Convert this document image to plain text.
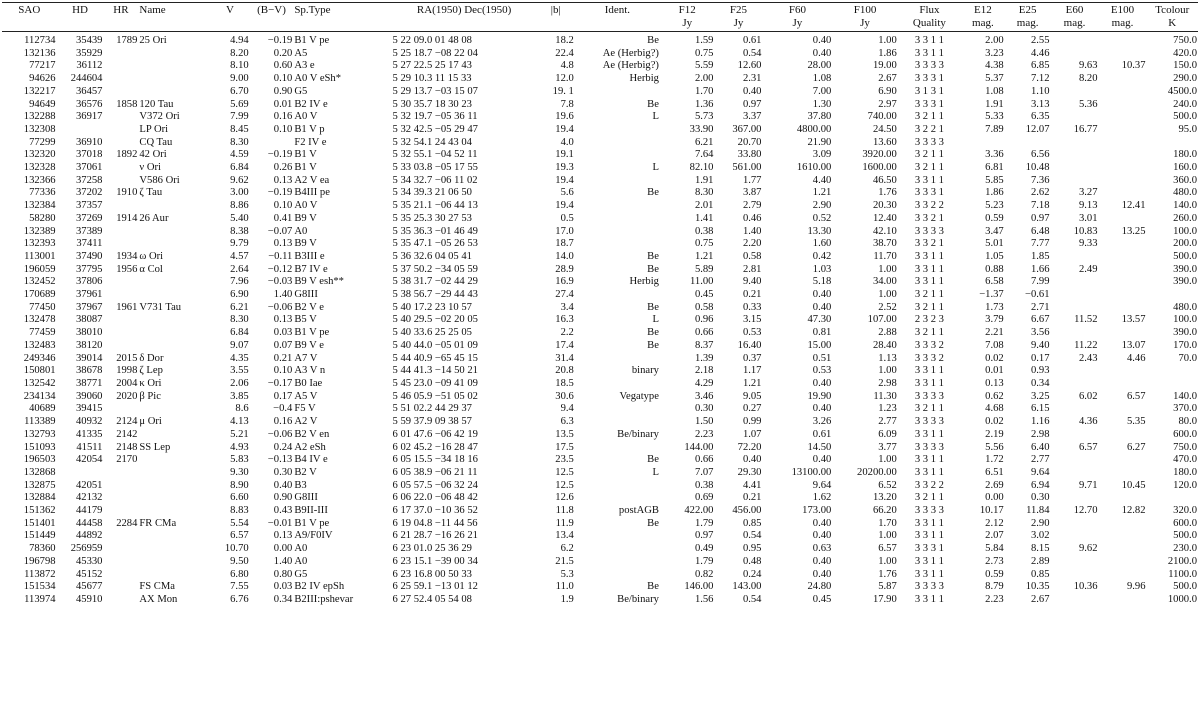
SAO	HD	HR	Name	V	(B−V)	Sp.Type	RA(1950) Dec(1950)	|b|	Ident.	F12	F25	F60	F100	Flux	E12	E25	E60	E100	Tcolour
										Jy	Jy	Jy	Jy	Quality	mag.	mag.	mag.	mag.	K
112734	35439	1789	25 Ori	4.94	−0.19	B1 V pe	5 22 09.0 01 48 08	18.2	Be	1.59	0.61	0.40	1.00	3 3 1 1	2.00	2.55			750.0
132136	35929			8.20	0.20	A5	5 25 18.7 −08 22 04	22.4	Ae (Herbig?)	0.75	0.54	0.40	1.86	3 3 1 1	3.23	4.46			420.0
77217	36112			8.10	0.60	A3 e	5 27 22.5 25 17 43	4.8	Ae (Herbig?)	5.59	12.60	28.00	19.00	3 3 3 3	4.38	6.85	9.63	10.37	150.0
94626	244604			9.00	0.10	A0 V eSh*	5 29 10.3 11 15 33	12.0	Herbig	2.00	2.31	1.08	2.67	3 3 3 1	5.37	7.12	8.20		290.0
132217	36457			6.70	0.90	G5	5 29 13.7 −03 15 07	19. 1		1.70	0.40	7.00	6.90	3 1 3 1	1.08	1.10			4500.0
94649	36576	1858	120 Tau	5.69	0.01	B2 IV e	5 30 35.7 18 30 23	7.8	Be	1.36	0.97	1.30	2.97	3 3 3 1	1.91	3.13	5.36		240.0
132288	36917		V372 Ori	7.99	0.16	A0 V	5 32 19.7 −05 36 11	19.6	L	5.73	3.37	37.80	740.00	3 2 1 1	5.33	6.35			500.0
132308			LP Ori	8.45	0.10	B1 V p	5 32 42.5 −05 29 47	19.4		33.90	367.00	4800.00	24.50	3 2 2 1	7.89	12.07	16.77		95.0
77299	36910		CQ Tau	8.30		F2 IV e	5 32 54.1 24 43 04	4.0		6.21	20.70	21.90	13.60	3 3 3 3					
132320	37018	1892	42 Ori	4.59	−0.19	B1 V	5 32 55.1 −04 52 11	19.1		7.64	33.80	3.09	3920.00	3 2 1 1	3.36	6.56			180.0
132328	37061		ν Ori	6.84	0.26	B1 V	5 33 03.8 −05 17 55	19.3	L	82.10	561.00	1610.00	1600.00	3 2 1 1	6.81	10.48			160.0
132366	37258		V586 Ori	9.62	0.13	A2 V ea	5 34 32.7 −06 11 02	19.4		1.91	1.77	4.40	46.50	3 3 1 1	5.85	7.36			360.0
77336	37202	1910	ζ Tau	3.00	−0.19	B4III pe	5 34 39.3 21 06 50	5.6	Be	8.30	3.87	1.21	1.76	3 3 3 1	1.86	2.62	3.27		480.0
132384	37357			8.86	0.10	A0 V	5 35 21.1 −06 44 13	19.4		2.01	2.79	2.90	20.30	3 3 2 2	5.23	7.18	9.13	12.41	140.0
58280	37269	1914	26 Aur	5.40	0.41	B9 V	5 35 25.3 30 27 53	0.5		1.41	0.46	0.52	12.40	3 3 2 1	0.59	0.97	3.01		260.0
132389	37389			8.38	−0.07	A0	5 35 36.3 −01 46 49	17.0		0.38	1.40	13.30	42.10	3 3 3 3	3.47	6.48	10.83	13.25	100.0
132393	37411			9.79	0.13	B9 V	5 35 47.1 −05 26 53	18.7		0.75	2.20	1.60	38.70	3 3 2 1	5.01	7.77	9.33		200.0
113001	37490	1934	ω Ori	4.57	−0.11	B3III e	5 36 32.6 04 05 41	14.0	Be	1.21	0.58	0.42	11.70	3 3 1 1	1.05	1.85			500.0
196059	37795	1956	α Col	2.64	−0.12	B7 IV e	5 37 50.2 −34 05 59	28.9	Be	5.89	2.81	1.03	1.00	3 3 1 1	0.88	1.66	2.49		390.0
132452	37806			7.96	−0.03	B9 V esh**	5 38 31.7 −02 44 29	16.9	Herbig	11.00	9.40	5.18	34.00	3 3 1 1	6.58	7.99			390.0
170689	37961			6.90	1.40	G8III	5 38 56.7 −29 44 43	27.4		0.45	0.21	0.40	1.00	3 2 1 1	−1.37	−0.61			
77450	37967	1961	V731 Tau	6.21	−0.06	B2 V e	5 40 17.2 23 10 57	3.4	Be	0.58	0.33	0.40	2.52	3 2 1 1	1.73	2.71			480.0
132478	38087			8.30	0.13	B5 V	5 40 29.5 −02 20 05	16.3	L	0.96	3.15	47.30	107.00	2 3 2 3	3.79	6.67	11.52	13.57	100.0
77459	38010			6.84	0.03	B1 V pe	5 40 33.6 25 25 05	2.2	Be	0.66	0.53	0.81	2.88	3 2 1 1	2.21	3.56			390.0
132483	38120			9.07	0.07	B9 V e	5 40 44.0 −05 01 09	17.4	Be	8.37	16.40	15.00	28.40	3 3 3 2	7.08	9.40	11.22	13.07	170.0
249346	39014	2015	δ Dor	4.35	0.21	A7 V	5 44 40.9 −65 45 15	31.4		1.39	0.37	0.51	1.13	3 3 3 2	0.02	0.17	2.43	4.46	70.0
150801	38678	1998	ζ Lep	3.55	0.10	A3 V n	5 44 41.3 −14 50 21	20.8	binary	2.18	1.17	0.53	1.00	3 3 1 1	0.01	0.93			
132542	38771	2004	κ Ori	2.06	−0.17	B0 Iae	5 45 23.0 −09 41 09	18.5		4.29	1.21	0.40	2.98	3 3 1 1	0.13	0.34			
234134	39060	2020	β Pic	3.85	0.17	A5 V	5 46 05.9 −51 05 02	30.6	Vegatype	3.46	9.05	19.90	11.30	3 3 3 3	0.62	3.25	6.02	6.57	140.0
40689	39415			8.6	−0.4	F5 V	5 51 02.2 44 29 37	9.4		0.30	0.27	0.40	1.23	3 2 1 1	4.68	6.15			370.0
113389	40932	2124	μ Ori	4.13	0.16	A2 V	5 59 37.9 09 38 57	6.3		1.50	0.99	3.26	2.77	3 3 3 3	0.02	1.16	4.36	5.35	80.0
132793	41335	2142		5.21	−0.06	B2 V en	6 01 47.6 −06 42 19	13.5	Be/binary	2.23	1.07	0.61	6.09	3 3 1 1	2.19	2.98			600.0
151093	41511	2148	SS Lep	4.93	0.24	A2 eSh	6 02 45.2 −16 28 47	17.5		144.00	72.20	14.50	3.77	3 3 3 3	5.56	6.40	6.57	6.27	750.0
196503	42054	2170		5.83	−0.13	B4 IV e	6 05 15.5 −34 18 16	23.5	Be	0.66	0.40	0.40	1.00	3 3 1 1	1.72	2.77			470.0
132868				9.30	0.30	B2 V	6 05 38.9 −06 21 11	12.5	L	7.07	29.30	13100.00	20200.00	3 3 1 1	6.51	9.64			180.0
132875	42051			8.90	0.40	B3	6 05 57.5 −06 32 24	12.5		0.38	4.41	9.64	6.52	3 3 2 2	2.69	6.94	9.71	10.45	120.0
132884	42132			6.60	0.90	G8III	6 06 22.0 −06 48 42	12.6		0.69	0.21	1.62	13.20	3 2 1 1	0.00	0.30			
151362	44179			8.83	0.43	B9II-III	6 17 37.0 −10 36 52	11.8	postAGB	422.00	456.00	173.00	66.20	3 3 3 3	10.17	11.84	12.70	12.82	320.0
151401	44458	2284	FR CMa	5.54	−0.01	B1 V pe	6 19 04.8 −11 44 56	11.9	Be	1.79	0.85	0.40	1.70	3 3 1 1	2.12	2.90			600.0
151449	44892			6.57	0.13	A9/F0IV	6 21 28.7 −16 26 21	13.4		0.97	0.54	0.40	1.00	3 3 1 1	2.07	3.02			500.0
78360	256959			10.70	0.00	A0	6 23 01.0 25 36 29	6.2		0.49	0.95	0.63	6.57	3 3 3 1	5.84	8.15	9.62		230.0
196798	45330			9.50	1.40	A0	6 23 15.1 −39 00 34	21.5		1.79	0.48	0.40	1.00	3 3 1 1	2.73	2.89			2100.0
113872	45152			6.80	0.80	G5	6 23 16.8 00 50 33	5.3		0.82	0.24	0.40	1.76	3 3 1 1	0.59	0.85			1100.0
151534	45677		FS CMa	7.55	0.03	B2 IV epSh	6 25 59.1 −13 01 12	11.0	Be	146.00	143.00	24.80	5.87	3 3 3 3	8.79	10.35	10.36	9.96	500.0
113974	45910		AX Mon	6.76	0.34	B2III:pshevar	6 27 52.4 05 54 08	1.9	Be/binary	1.56	0.54	0.45	17.90	3 3 1 1	2.23	2.67			1000.0
